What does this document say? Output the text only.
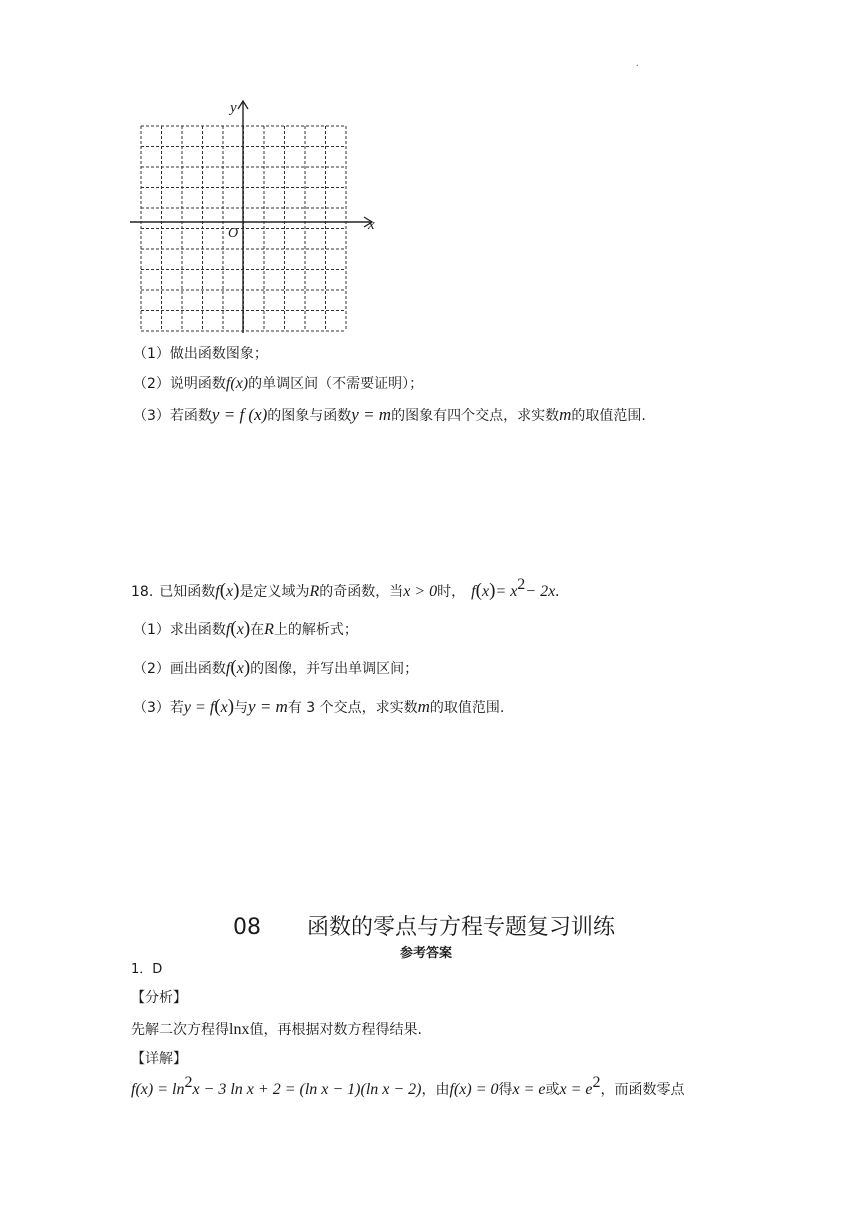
.
y
x
O
（1）做出函数图象；
（2）说明函数f(x)的单调区间（不需要证明）；
（3）若函数y = f (x)的图象与函数y = m的图象有四个交点，求实数m的取值范围.
18. 已知函数f(x)是定义域为R的奇函数，当x > 0时， $f(x)= x^2- 2x$.
（1）求出函数f(x)在R上的解析式；
（2）画出函数f(x)的图像，并写出单调区间；
（3）若y = f(x)与y = m有 3 个交点，求实数m的取值范围.
08 函数的零点与方程专题复习训练
参考答案
1．D
【分析】
先解二次方程得lnx值，再根据对数方程得结果.
【详解】
$f(x) = \ln^2x - 3$ ln x + 2 = (ln x − 1)(ln x − 2)，由f(x) = 0得x = e或$x = e^2$，而函数零点
